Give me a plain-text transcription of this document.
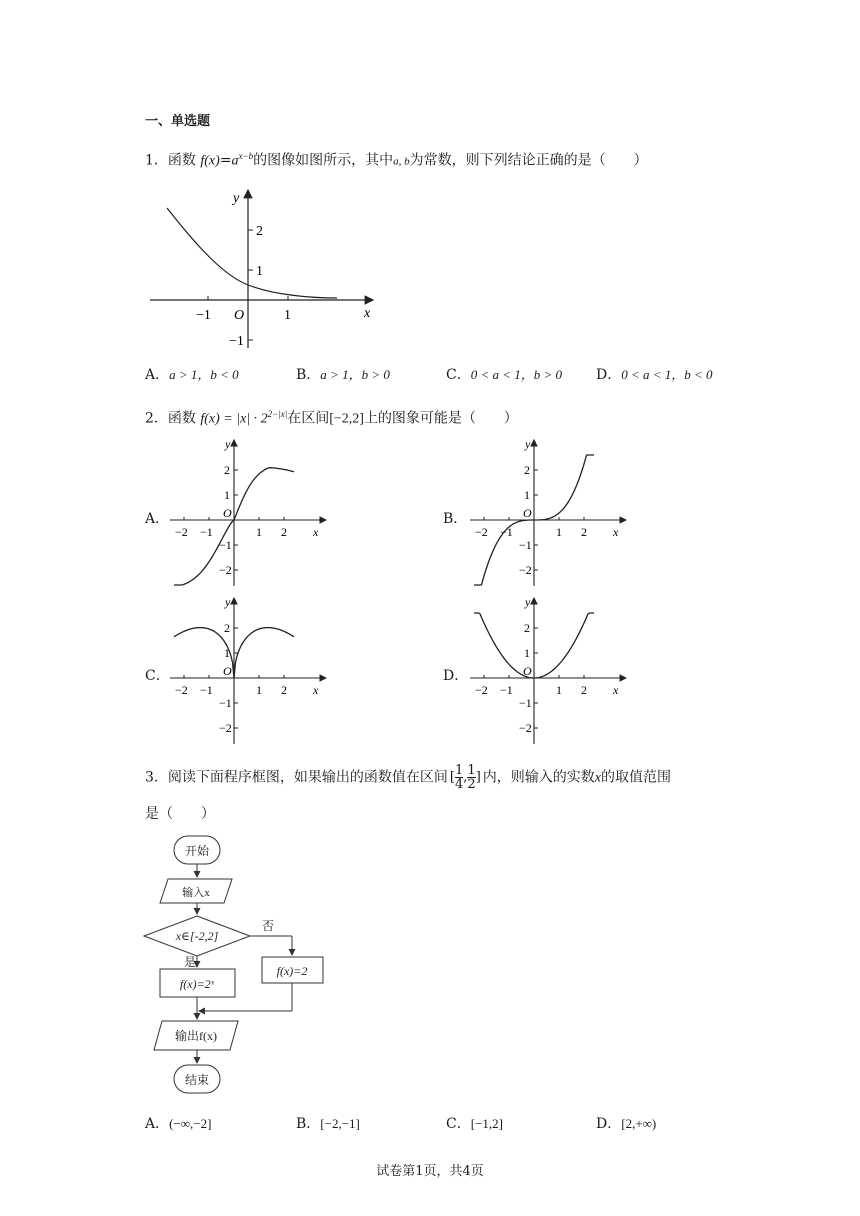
一、单选题
1．函数 $f(x)=a^{x-b}$的图像如图所示，其中a, b为常数，则下列结论正确的是（　　）
y
x
O
−1	1
2
1
−1
A．a > 1，b < 0	B．a > 1，b > 0	C．0 < a < 1，b > 0 D．0 < a < 1，b < 0
2．函数 $f(x) = |x| \cdot 2^{2-|x|}$在区间[−2,2]上的图象可能是（　　）
A．	B．
C．	D．
−2 −1	1 2
2
1
−1
−2
y
x
O
−2 −1	1 2
2
1
−1
−2
y
x
O
−2 −1	1 2
2
1
−1
−2
y
x
O
−2 −1	1 2
2
1
−1
−2
y
x
O
3．阅读下面程序框图，如果输出的函数值在区间 [ $\frac{1}{4}$ , $\frac{1}{2}$ ] 内，则输入的实数x的取值范围
是（　　）
开始
输入x
x∈[-2,2]
否
是
f(x)=2ˣ
f(x)=2
输出f(x)
结束
A．(−∞,−2]	B．[−2,−1]	C．[−1,2]	D．[2,+∞)
试卷第1页，共4页
